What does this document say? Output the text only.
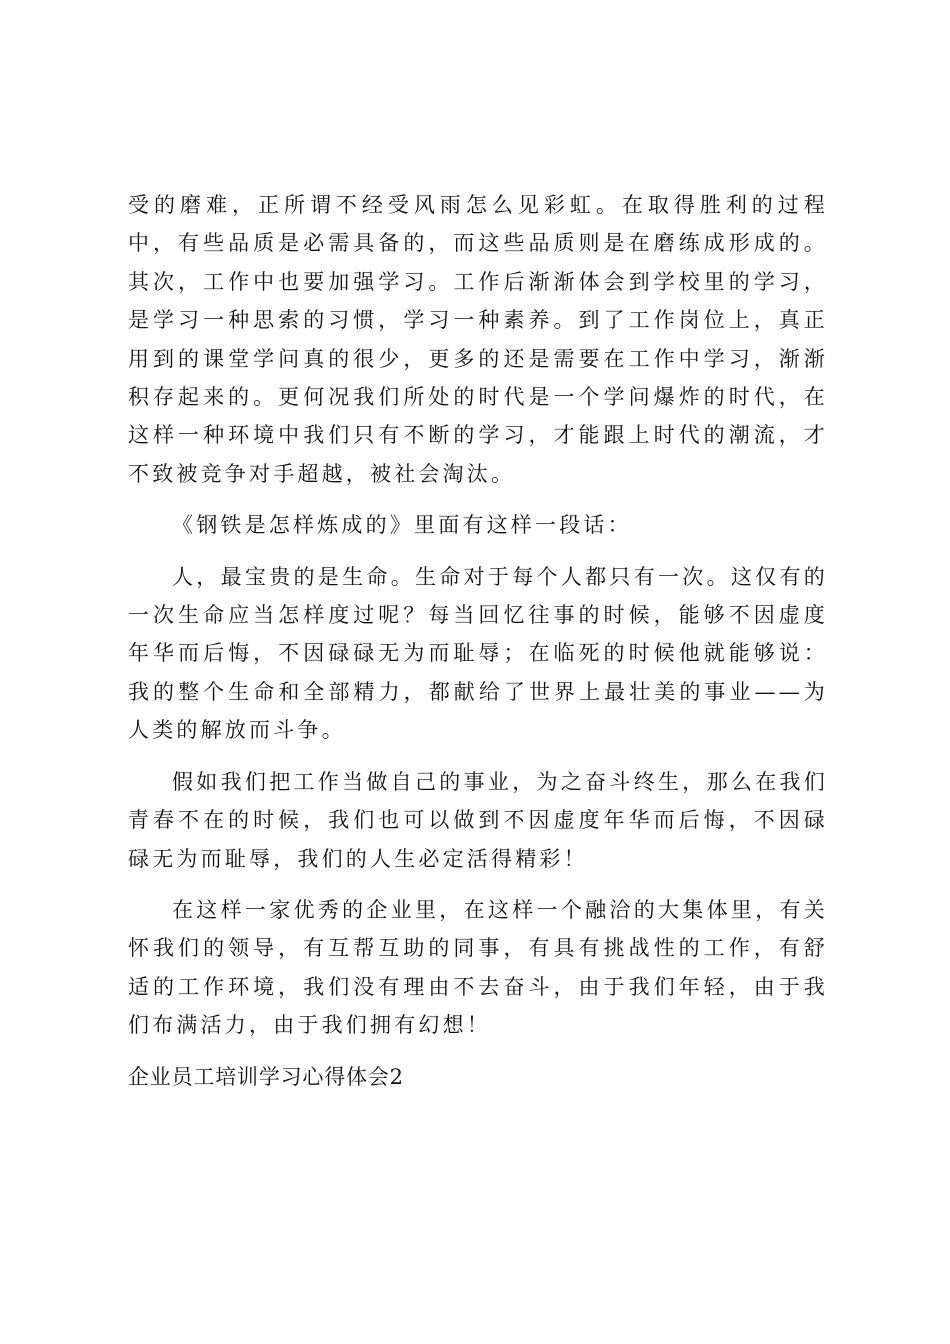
受的磨难，正所谓不经受风雨怎么见彩虹。在取得胜利的过程中，有些品质是必需具备的，而这些品质则是在磨练成形成的。其次，工作中也要加强学习。工作后渐渐体会到学校里的学习，是学习一种思索的习惯，学习一种素养。到了工作岗位上，真正用到的课堂学问真的很少，更多的还是需要在工作中学习，渐渐积存起来的。更何况我们所处的时代是一个学问爆炸的时代，在这样一种环境中我们只有不断的学习，才能跟上时代的潮流，才不致被竞争对手超越，被社会淘汰。

《钢铁是怎样炼成的》里面有这样一段话：

人，最宝贵的是生命。生命对于每个人都只有一次。这仅有的一次生命应当怎样度过呢？每当回忆往事的时候，能够不因虚度年华而后悔，不因碌碌无为而耻辱；在临死的时候他就能够说：我的整个生命和全部精力，都献给了世界上最壮美的事业——为人类的解放而斗争。

假如我们把工作当做自己的事业，为之奋斗终生，那么在我们青春不在的时候，我们也可以做到不因虚度年华而后悔，不因碌碌无为而耻辱，我们的人生必定活得精彩！

在这样一家优秀的企业里，在这样一个融洽的大集体里，有关怀我们的领导，有互帮互助的同事，有具有挑战性的工作，有舒适的工作环境，我们没有理由不去奋斗，由于我们年轻，由于我们布满活力，由于我们拥有幻想！

企业员工培训学习心得体会2
